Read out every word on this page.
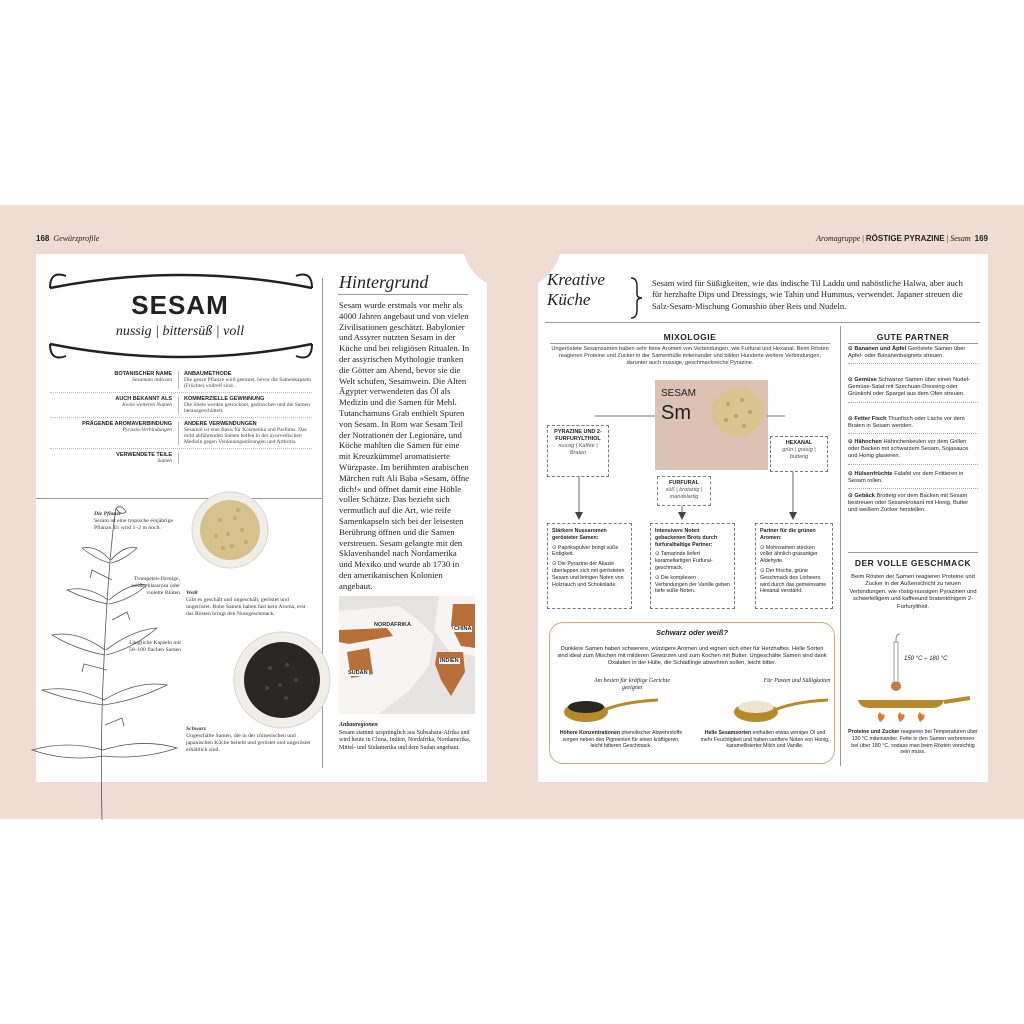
168 Gewürzprofile	Aromagruppe | RÖSTIGE PYRAZINE | Sesam 169
SESAM
nussig | bittersüß | voll
BOTANISCHER NAME
Sesamum indicum
ANBAUMETHODE
Die ganze Pflanze wird geerntet, bevor die Samenkapseln (Früchte) vollreif sind.
AUCH BEKANNT ALS
Keine weiteren Namen
KOMMERZIELLE GEWINNUNG
Die Stiele werden getrocknet, gedroschen und die Samen herausgeschüttelt.
PRÄGENDE AROMAVERBINDUNG
Pyrazin-Verbindungen
ANDERE VERWENDUNGEN
Sesamöl ist eine Basis für Kosmetika und Parfüms. Das mild abführenden Samen helfen in der ayurvedischen Medizin gegen Verdauungsstörungen und Arthritis.
VERWENDETE TEILE
Samen
Die Pflanze
Sesam ist eine tropische einjährige Pflanze. Er wird 1–2 m hoch.
Trompeten-förmige, weiße, blassrosa oder violette Blüten
Längliche Kapseln mit 50–100 flachen Samen
Weiß
Gibt es geschält und ungeschält, geröstet und ungeröstet. Rohe Samen haben fast kein Aroma, erst das Rösten bringt den Nussgeschmack.
Schwarz
Ungeschälte Samen, die in der chinesischen und japanischen Küche beliebt und geröstet und ungeröstet erhältlich sind.
Hintergrund
Sesam wurde erstmals vor mehr als 4000 Jahren angebaut und von vielen Zivilisationen geschätzt. Babylonier und Assyrer nutzten Sesam in der Küche und bei religiösen Ritualen. In der assyrischen Mythologie tranken die Götter am Abend, bevor sie die Welt schufen, Sesamwein. Die Alten Ägypter verwendeten das Öl als Medizin und die Samen für Mehl. Tutanchamuns Grab enthielt Spuren von Sesam. In Rom war Sesam Teil der Notrationen der Legionäre, und Köche mahlten die Samen für eine mit Kreuzkümmel aromatisierte Würzpaste. Im berühmten arabischen Märchen ruft Ali Baba »Sesam, öffne dich!« und öffnet damit eine Höhle voller Schätze. Das bezieht sich vermutlich auf die Art, wie reife Samenkapseln sich bei der leisesten Berührung öffnen und die Samen verstreuen. Sesam gelangte mit den Sklavenhandel nach Nordamerika und Mexiko und wurde ab 1730 in den amerikanischen Kolonien angebaut.
NORDAFRIKA
CHINA
INDIEN
SUDAN
Anbauregionen
Sesam stammt ursprünglich aus Subsahara-Afrika und wird heute in China, Indien, Nordafrika, Nordamerika, Mittel- und Südamerika und dem Sudan angebaut.
Kreative
Küche
Sesam wird für Süßigkeiten, wie das indische Til Laddu und nahöstliche Halwa, aber auch für herzhafte Dips und Dressings, wie Tahin und Hummus, verwendet. Japaner streuen die Salz-Sesam-Mischung Gomashio über Reis und Nudeln.
MIXOLOGIE
Ungeröstete Sesamsamen haben sehr feine Aromen von Verbindungen, wie Furfural und Hexanal. Beim Rösten reagieren Proteine und Zucker in der Samenhülle miteinander und bilden Hunderte weitere Verbindungen, darunter auch nussige, geschmackreiche Pyrazine.
SESAM
Sm
PYRAZINE UND 2-FURFURYLTHIOL
nussig | Kaffee | Braten
FURFURAL
süß | brotartig | mandelartig
HEXANAL
grün | grasig | butterig
Stärkere Nussaromen gerösteter Samen:

⊙ Paprikapulver bringt süße Erdigkeit.

⊙ Die Pyrazine der Akazie überlappen sich mit gerösteten Sesam und bringen Noten von Holzrauch und Schokolade.

Intensivere Noten gebackenen Brots durch furfuralhaltige Partner:

⊙ Tamarinde liefert karamellartigen Furfural-geschmack.

⊙ Die komplexen Verbindungen der Vanille geben tiefe süße Noten.

Partner für die grünen Aromen:

⊙ Mohnsamen stecken voller ähnlich grasartiger Aldehyde.

⊙ Der frische, grüne Geschmack des Lorbeers wird durch das gemeinsame Hexanal verstärkt.

Schwarz oder weiß?
Dunklere Samen haben schwerere, würzigere Aromen und eignen sich eher für Herzhaftes. Helle Sorten sind ideal zum Mischen mit milderen Gewürzen und zum Kochen mit Butter. Ungeschälte Samen sind dank Oxalaten in der Hülle, die Schädlinge abwehren sollen, leicht bitter.
Am besten für kräftige Gerichte geeignet
Für Pasten und Süßigkeiten
Höhere Konzentrationen phenolischer Abwehrstoffe sorgen neben den Pigmenten für einen kräftigeren, leicht bitteren Geschmack.
Helle Sesamsorten enthalten etwas weniger Öl und mehr Feuchtigkeit und haben sanftere Noten von Honig, karamellisierter Milch und Vanille.
GUTE PARTNER
⊙ Bananen und Äpfel Geröstete Samen über Apfel- oder Bananenbeignets streuen.
⊙ Gemüse Schwarze Samen über einen Nudel-Gemüse-Salat mit Szechuan-Dressing oder Grünkohl oder Spargel aus dem Ofen streuen.
⊙ Fetter Fisch Thunfisch oder Lachs vor dem Braten in Sesam wenden.
⊙ Hähnchen Hähnchenkeulen vor dem Grillen oder Backen mit schwarzem Sesam, Sojasauce und Honig glasieren.
⊙ Hülsenfrüchte Falafel vor dem Frittieren in Sesam rollen.
⊙ Gebäck Brotteig vor dem Backen mit Sesam bestreuen oder Sesamkrokant mit Honig, Butter und weißem Zucker herstellen.
DER VOLLE GESCHMACK
Beim Rösten der Samen reagieren Proteine und Zucker in der Außenschicht zu neuen Verbindungen, wie röstig-nussigen Pyrazinen und schwefelligem und kaffeeund bratentönigem 2-Furfurylthiol.
150 °C – 180 °C
Proteine und Zucker reagieren bei Temperaturen über 130 °C miteinander. Fette in den Samen verbrennen bei über 180 °C, sodass man beim Rösten vorsichtig sein muss.
